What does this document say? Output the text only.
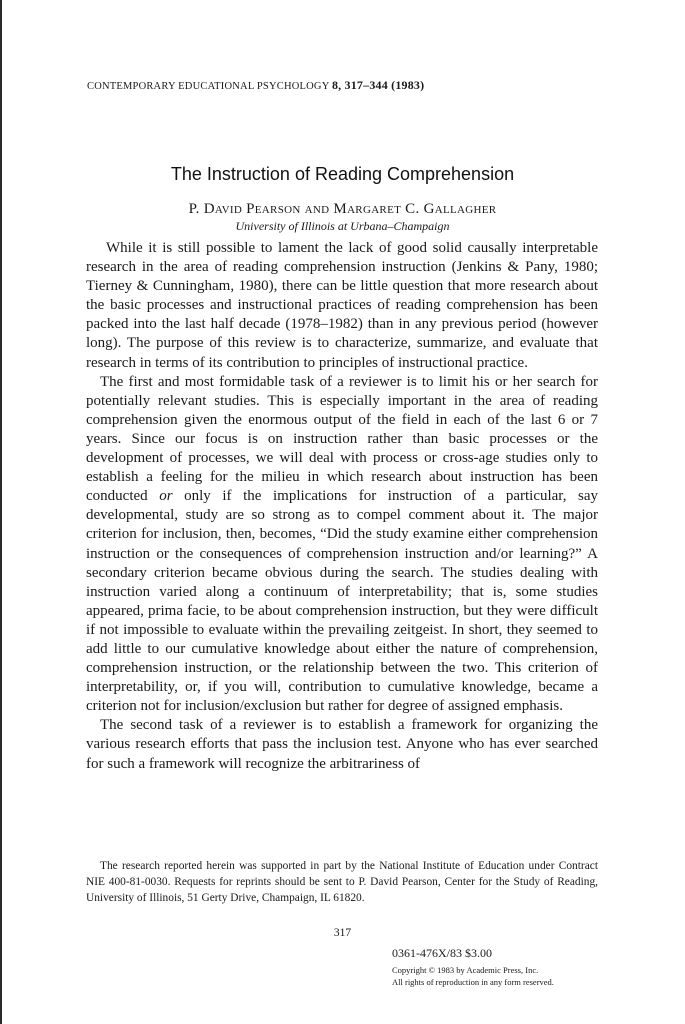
CONTEMPORARY EDUCATIONAL PSYCHOLOGY 8, 317–344 (1983)
The Instruction of Reading Comprehension
P. David Pearson and Margaret C. Gallagher
University of Illinois at Urbana–Champaign

While it is still possible to lament the lack of good solid causally interpretable research in the area of reading comprehension instruction (Jenkins & Pany, 1980; Tierney & Cunningham, 1980), there can be little question that more research about the basic processes and instructional practices of reading comprehension has been packed into the last half decade (1978–1982) than in any previous period (however long). The purpose of this review is to characterize, summarize, and evaluate that research in terms of its contribution to principles of instructional practice.

The first and most formidable task of a reviewer is to limit his or her search for potentially relevant studies. This is especially important in the area of reading comprehension given the enormous output of the field in each of the last 6 or 7 years. Since our focus is on instruction rather than basic processes or the development of processes, we will deal with process or cross-age studies only to establish a feeling for the milieu in which research about instruction has been conducted or only if the implications for instruction of a particular, say developmental, study are so strong as to compel comment about it. The major criterion for inclusion, then, becomes, “Did the study examine either comprehension instruction or the consequences of comprehension instruction and/or learning?” A secondary criterion became obvious during the search. The studies dealing with instruction varied along a continuum of interpretability; that is, some studies appeared, prima facie, to be about comprehension instruction, but they were difficult if not impossible to evaluate within the prevailing zeitgeist. In short, they seemed to add little to our cumulative knowledge about either the nature of comprehension, comprehension instruction, or the relationship between the two. This criterion of interpretability, or, if you will, contribution to cumulative knowledge, became a criterion not for inclusion/exclusion but rather for degree of assigned emphasis.

The second task of a reviewer is to establish a framework for organizing the various research efforts that pass the inclusion test. Anyone who has ever searched for such a framework will recognize the arbitrariness of

The research reported herein was supported in part by the National Institute of Education under Contract NIE 400-81-0030. Requests for reprints should be sent to P. David Pearson, Center for the Study of Reading, University of Illinois, 51 Gerty Drive, Champaign, IL 61820.

317
0361-476X/83 $3.00
Copyright © 1983 by Academic Press, Inc.
All rights of reproduction in any form reserved.
